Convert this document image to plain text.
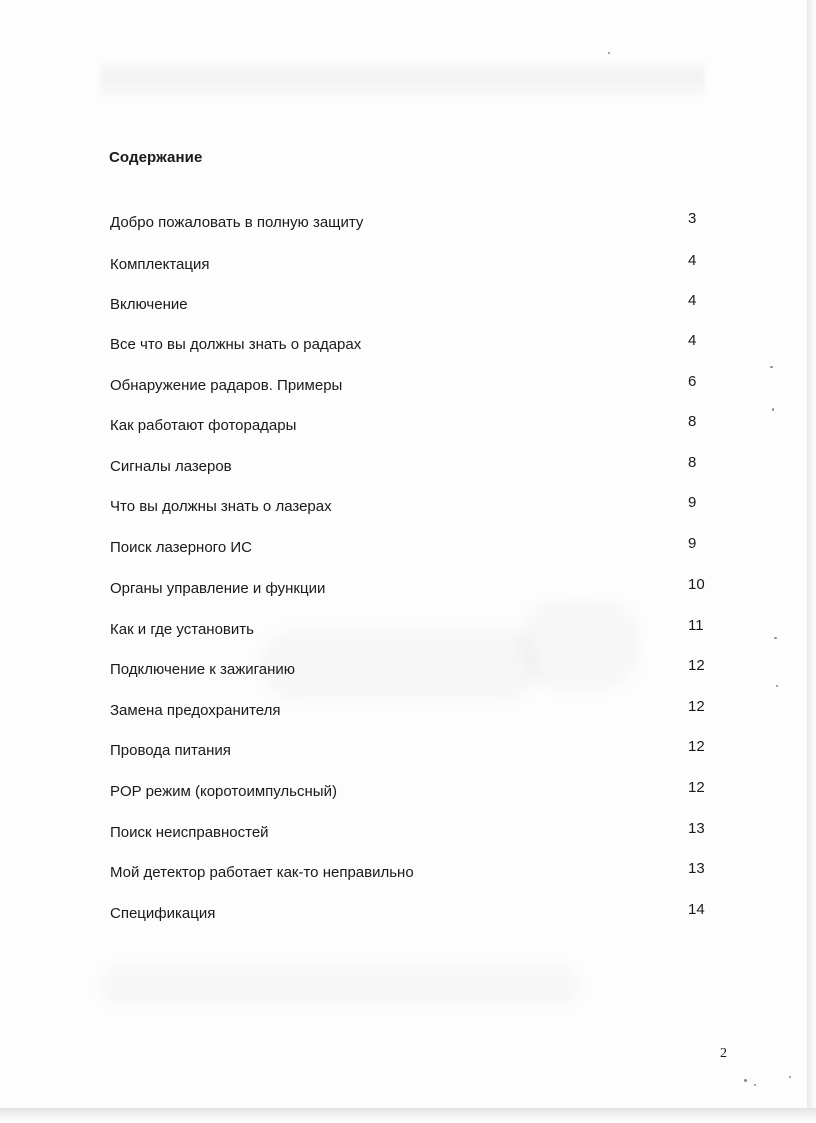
Содержание
Добро пожаловать в полную защиту	3
Комплектация	4
Включение	4
Все что вы должны знать о радарах	4
Обнаружение радаров. Примеры	6
Как работают фоторадары	8
Сигналы лазеров	8
Что вы должны знать о лазерах	9
Поиск лазерного ИС	9
Органы управление и функции	10
Как и где установить	11
Подключение к зажиганию	12
Замена предохранителя	12
Провода питания	12
POP режим (коротоимпульсный)	12
Поиск неисправностей	13
Мой детектор работает как-то неправильно	13
Спецификация	14
2
